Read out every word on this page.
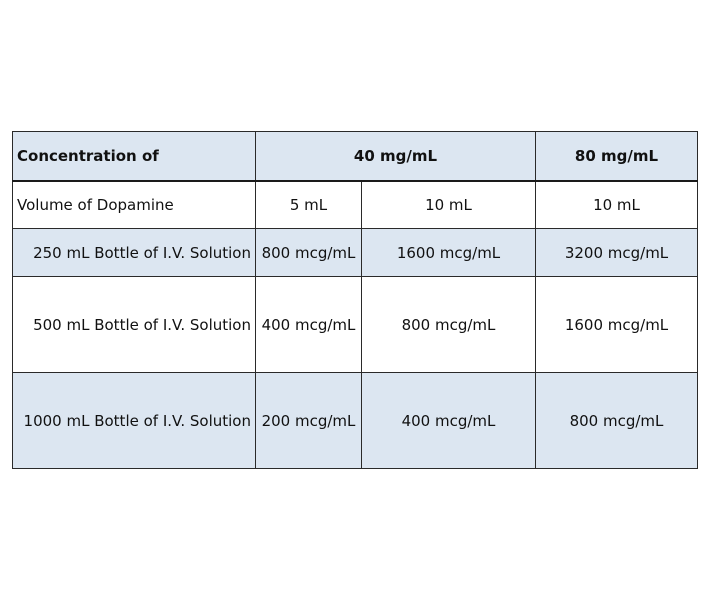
Concentration of	40 mg/mL		80 mg/mL
Volume of Dopamine	5 mL	10 mL	10 mL
250 mL Bottle of I.V. Solution	800 mcg/mL	1600 mcg/mL	3200 mcg/mL
500 mL Bottle of I.V. Solution	400 mcg/mL	800 mcg/mL	1600 mcg/mL
1000 mL Bottle of I.V. Solution	200 mcg/mL	400 mcg/mL	800 mcg/mL
